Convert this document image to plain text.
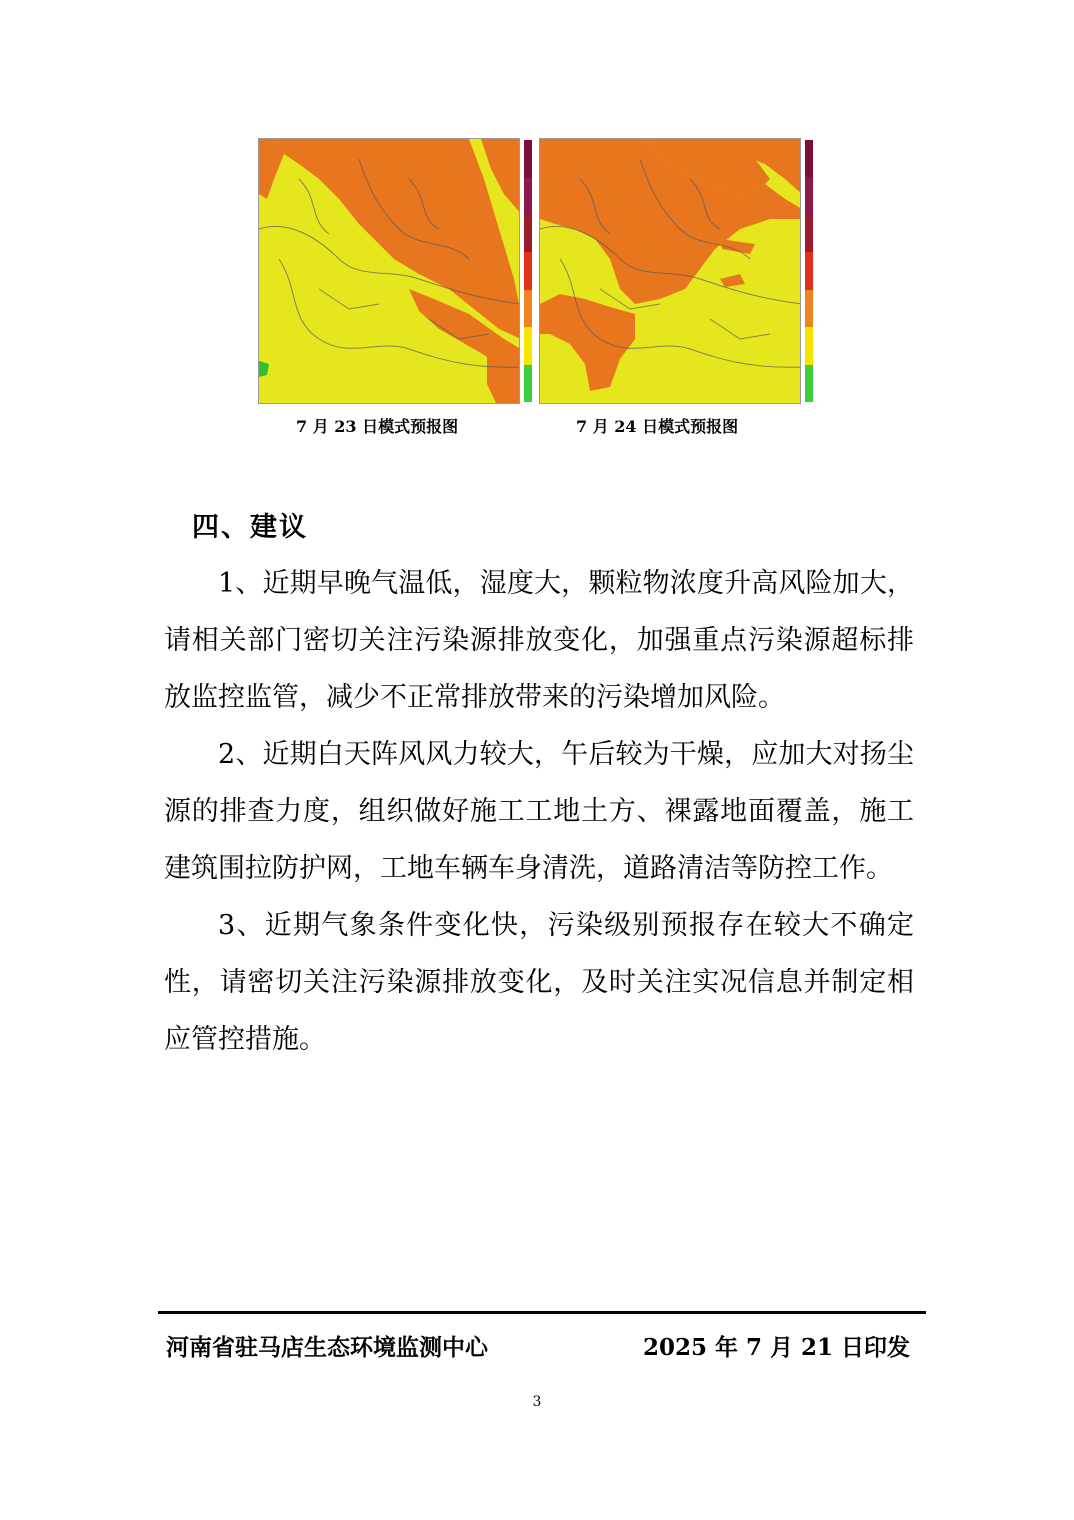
7 月 23 日模式预报图	7 月 24 日模式预报图
四、建议
1、近期早晚气温低，湿度大，颗粒物浓度升高风险加大，请相关部门密切关注污染源排放变化，加强重点污染源超标排放监控监管，减少不正常排放带来的污染增加风险。
2、近期白天阵风风力较大，午后较为干燥，应加大对扬尘源的排查力度，组织做好施工工地土方、裸露地面覆盖，施工建筑围拉防护网，工地车辆车身清洗，道路清洁等防控工作。
3、近期气象条件变化快，污染级别预报存在较大不确定性，请密切关注污染源排放变化，及时关注实况信息并制定相应管控措施。
河南省驻马店生态环境监测中心	2025 年 7 月 21 日印发
3
